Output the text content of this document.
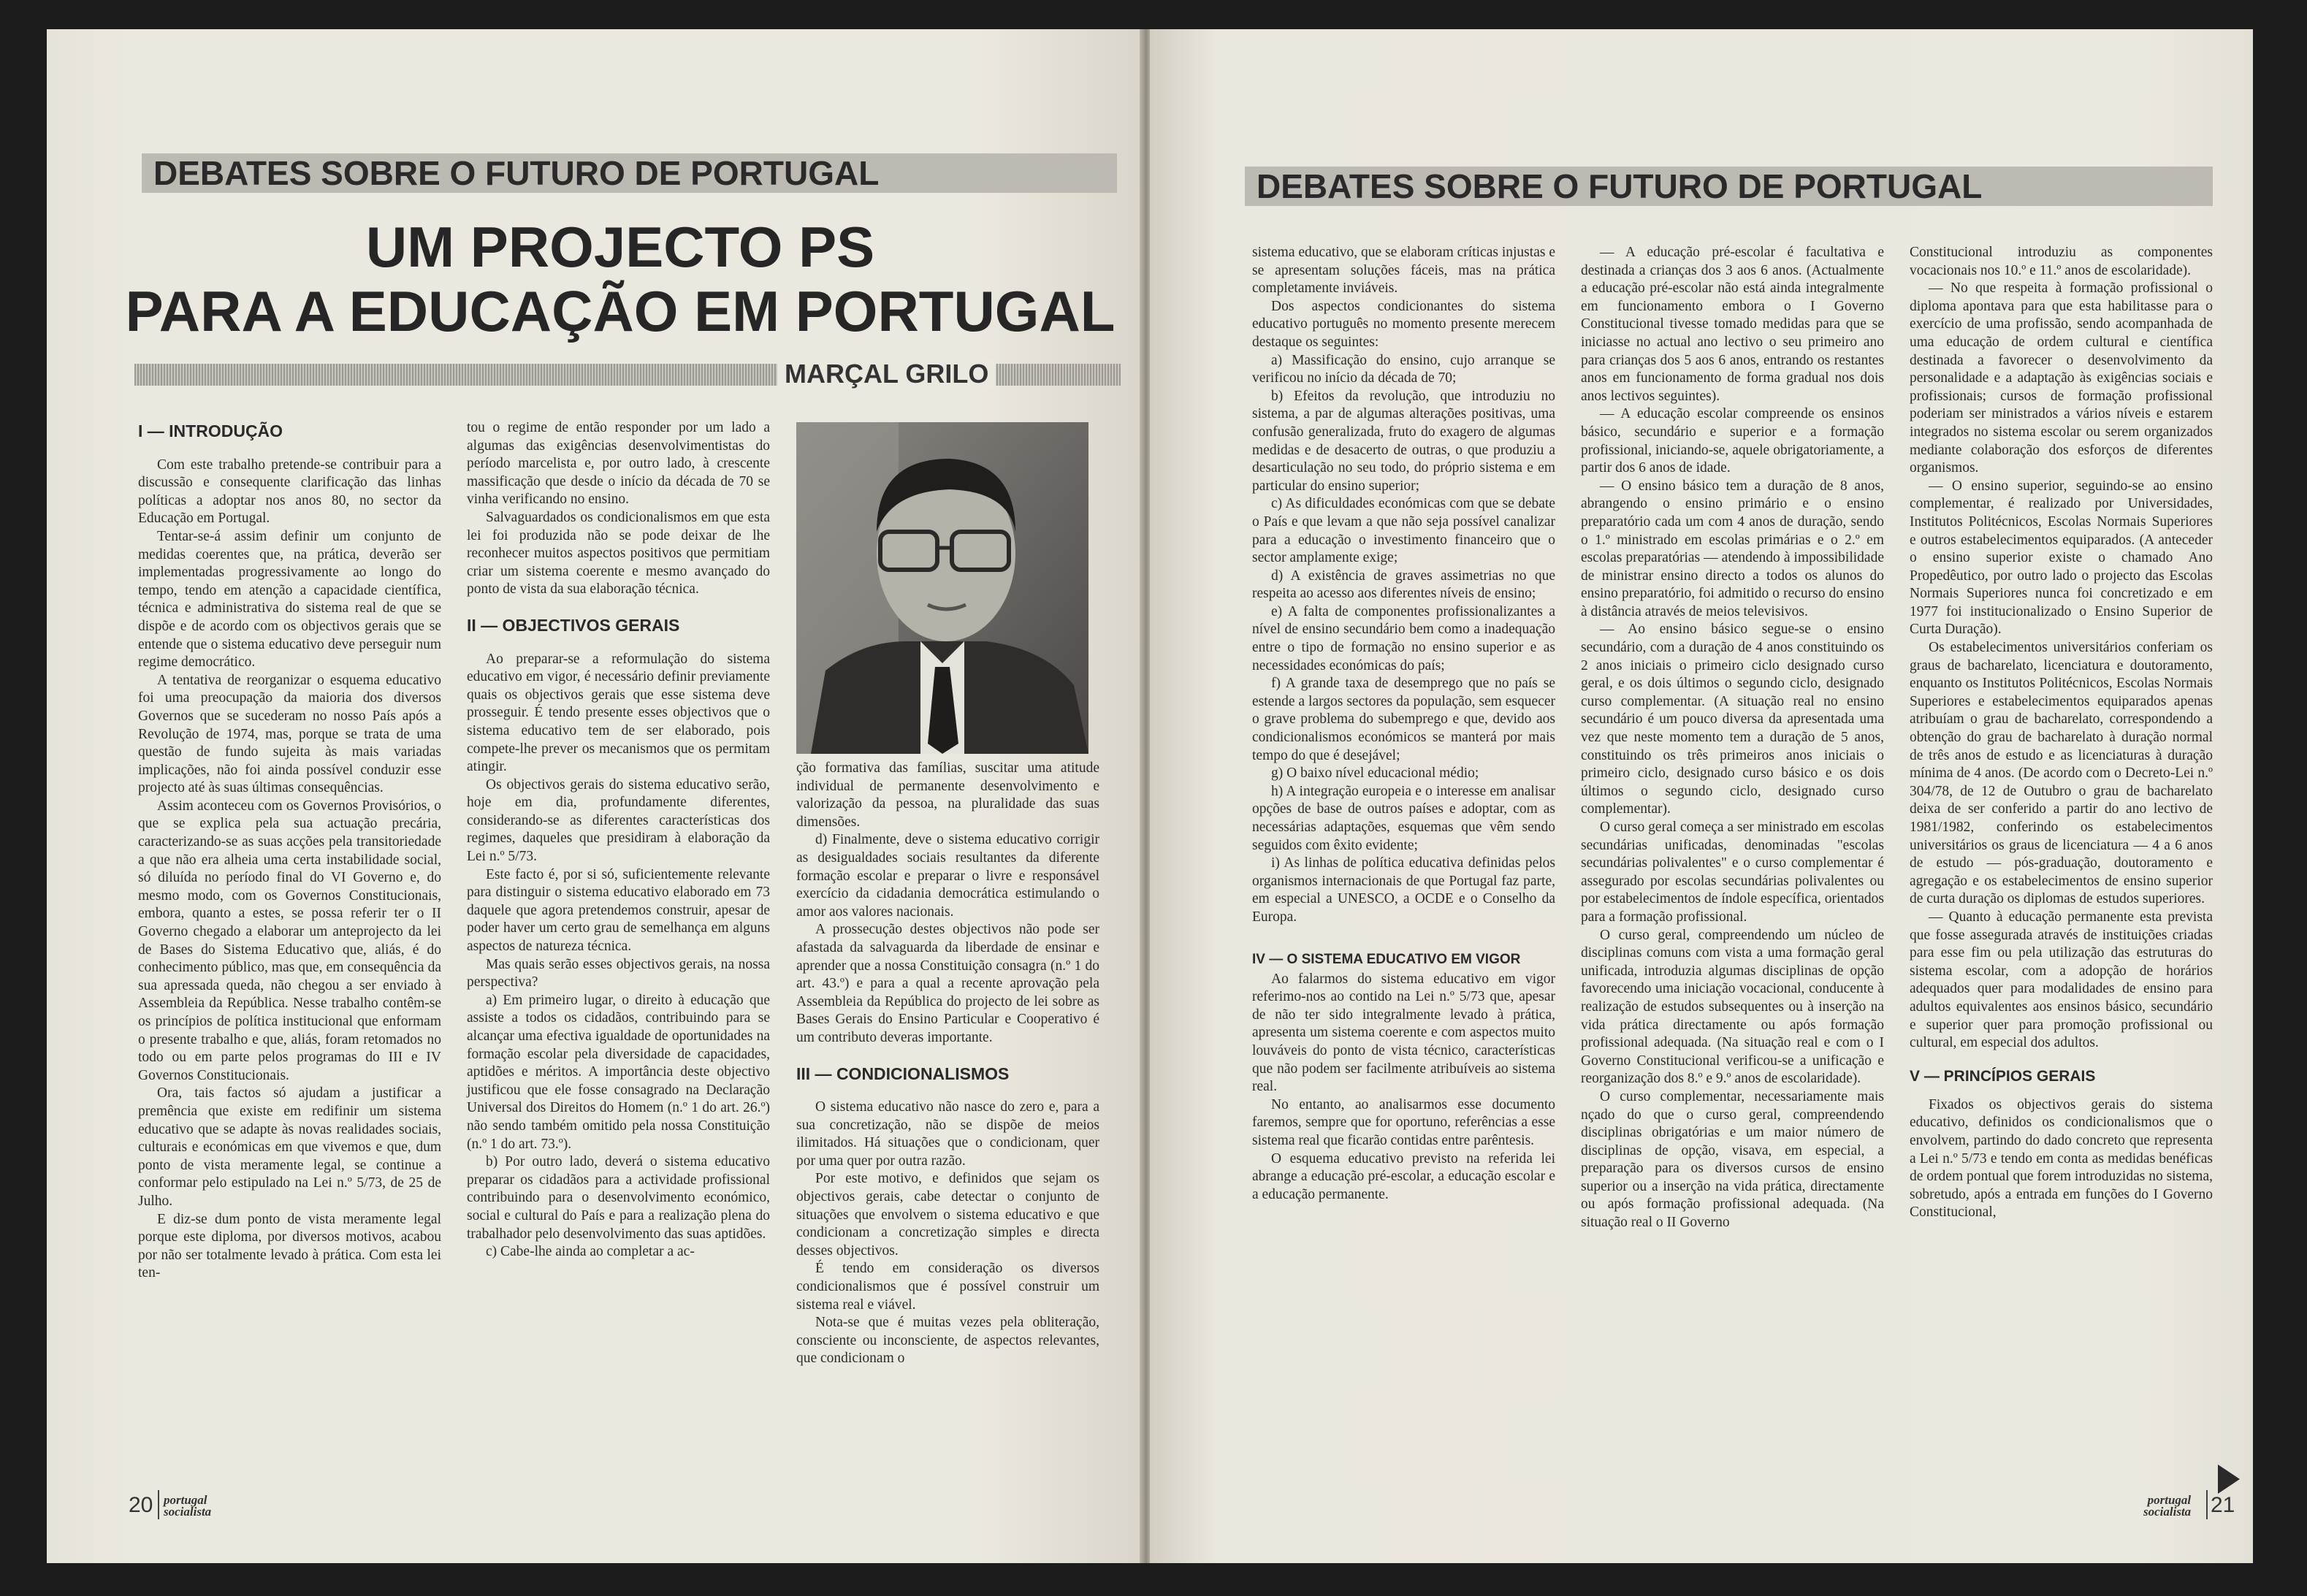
DEBATES SOBRE O FUTURO DE PORTUGAL
UM PROJECTO PS
PARA A EDUCAÇÃO EM PORTUGAL
MARÇAL GRILO
I — INTRODUÇÃO

Com este trabalho pretende-se contribuir para a discussão e consequente clarificação das linhas políticas a adoptar nos anos 80, no sector da Educação em Portugal.

Tentar-se-á assim definir um conjunto de medidas coerentes que, na prática, deverão ser implementadas progressivamente ao longo do tempo, tendo em atenção a capacidade científica, técnica e administrativa do sistema real de que se dispõe e de acordo com os objectivos gerais que se entende que o sistema educativo deve perseguir num regime democrático.

A tentativa de reorganizar o esquema educativo foi uma preocupação da maioria dos diversos Governos que se sucederam no nosso País após a Revolução de 1974, mas, porque se trata de uma questão de fundo sujeita às mais variadas implicações, não foi ainda possível conduzir esse projecto até às suas últimas consequências.

Assim aconteceu com os Governos Provisórios, o que se explica pela sua actuação precária, caracterizando-se as suas acções pela transitoriedade a que não era alheia uma certa instabilidade social, só diluída no período final do VI Governo e, do mesmo modo, com os Governos Constitucionais, embora, quanto a estes, se possa referir ter o II Governo chegado a elaborar um anteprojecto da lei de Bases do Sistema Educativo que, aliás, é do conhecimento público, mas que, em consequência da sua apressada queda, não chegou a ser enviado à Assembleia da República. Nesse trabalho contêm-se os princípios de política institucional que enformam o presente trabalho e que, aliás, foram retomados no todo ou em parte pelos programas do III e IV Governos Constitucionais.

Ora, tais factos só ajudam a justificar a premência que existe em redifinir um sistema educativo que se adapte às novas realidades sociais, culturais e económicas em que vivemos e que, dum ponto de vista meramente legal, se continue a conformar pelo estipulado na Lei n.º 5/73, de 25 de Julho.

E diz-se dum ponto de vista meramente legal porque este diploma, por diversos motivos, acabou por não ser totalmente levado à prática. Com esta lei ten-

tou o regime de então responder por um lado a algumas das exigências desenvolvimentistas do período marcelista e, por outro lado, à crescente massificação que desde o início da década de 70 se vinha verificando no ensino.

Salvaguardados os condicionalismos em que esta lei foi produzida não se pode deixar de lhe reconhecer muitos aspectos positivos que permitiam criar um sistema coerente e mesmo avançado do ponto de vista da sua elaboração técnica.

II — OBJECTIVOS GERAIS

Ao preparar-se a reformulação do sistema educativo em vigor, é necessário definir previamente quais os objectivos gerais que esse sistema deve prosseguir. É tendo presente esses objectivos que o sistema educativo tem de ser elaborado, pois compete-lhe prever os mecanismos que os permitam atingir.

Os objectivos gerais do sistema educativo serão, hoje em dia, profundamente diferentes, considerando-se as diferentes características dos regimes, daqueles que presidiram à elaboração da Lei n.º 5/73.

Este facto é, por si só, suficientemente relevante para distinguir o sistema educativo elaborado em 73 daquele que agora pretendemos construir, apesar de poder haver um certo grau de semelhança em alguns aspectos de natureza técnica.

Mas quais serão esses objectivos gerais, na nossa perspectiva?

a) Em primeiro lugar, o direito à educação que assiste a todos os cidadãos, contribuindo para se alcançar uma efectiva igualdade de oportunidades na formação escolar pela diversidade de capacidades, aptidões e méritos. A importância deste objectivo justificou que ele fosse consagrado na Declaração Universal dos Direitos do Homem (n.º 1 do art. 26.º) não sendo também omitido pela nossa Constituição (n.º 1 do art. 73.º).

b) Por outro lado, deverá o sistema educativo preparar os cidadãos para a actividade profissional contribuindo para o desenvolvimento económico, social e cultural do País e para a realização plena do trabalhador pelo desenvolvimento das suas aptidões.

c) Cabe-lhe ainda ao completar a ac-

ção formativa das famílias, suscitar uma atitude individual de permanente desenvolvimento e valorização da pessoa, na pluralidade das suas dimensões.

d) Finalmente, deve o sistema educativo corrigir as desigualdades sociais resultantes da diferente formação escolar e preparar o livre e responsável exercício da cidadania democrática estimulando o amor aos valores nacionais.

A prossecução destes objectivos não pode ser afastada da salvaguarda da liberdade de ensinar e aprender que a nossa Constituição consagra (n.º 1 do art. 43.º) e para a qual a recente aprovação pela Assembleia da República do projecto de lei sobre as Bases Gerais do Ensino Particular e Cooperativo é um contributo deveras importante.

III — CONDICIONALISMOS

O sistema educativo não nasce do zero e, para a sua concretização, não se dispõe de meios ilimitados. Há situações que o condicionam, quer por uma quer por outra razão.

Por este motivo, e definidos que sejam os objectivos gerais, cabe detectar o conjunto de situações que envolvem o sistema educativo e que condicionam a concretização simples e directa desses objectivos.

É tendo em consideração os diversos condicionalismos que é possível construir um sistema real e viável.

Nota-se que é muitas vezes pela obliteração, consciente ou inconsciente, de aspectos relevantes, que condicionam o

20 portugal
socialista
DEBATES SOBRE O FUTURO DE PORTUGAL

sistema educativo, que se elaboram críticas injustas e se apresentam soluções fáceis, mas na prática completamente inviáveis.

Dos aspectos condicionantes do sistema educativo português no momento presente merecem destaque os seguintes:

a) Massificação do ensino, cujo arranque se verificou no início da década de 70;

b) Efeitos da revolução, que introduziu no sistema, a par de algumas alterações positivas, uma confusão generalizada, fruto do exagero de algumas medidas e de desacerto de outras, o que produziu a desarticulação no seu todo, do próprio sistema e em particular do ensino superior;

c) As dificuldades económicas com que se debate o País e que levam a que não seja possível canalizar para a educação o investimento financeiro que o sector amplamente exige;

d) A existência de graves assimetrias no que respeita ao acesso aos diferentes níveis de ensino;

e) A falta de componentes profissionalizantes a nível de ensino secundário bem como a inadequação entre o tipo de formação no ensino superior e as necessidades económicas do país;

f) A grande taxa de desemprego que no país se estende a largos sectores da população, sem esquecer o grave problema do subemprego e que, devido aos condicionalismos económicos se manterá por mais tempo do que é desejável;

g) O baixo nível educacional médio;

h) A integração europeia e o interesse em analisar opções de base de outros países e adoptar, com as necessárias adaptações, esquemas que vêm sendo seguidos com êxito evidente;

i) As linhas de política educativa definidas pelos organismos internacionais de que Portugal faz parte, em especial a UNESCO, a OCDE e o Conselho da Europa.

IV — O SISTEMA EDUCATIVO EM VIGOR

Ao falarmos do sistema educativo em vigor referimo-nos ao contido na Lei n.º 5/73 que, apesar de não ter sido integralmente levado à prática, apresenta um sistema coerente e com aspectos muito louváveis do ponto de vista técnico, características que não podem ser facilmente atribuíveis ao sistema real.

No entanto, ao analisarmos esse documento faremos, sempre que for oportuno, referências a esse sistema real que ficarão contidas entre parêntesis.

O esquema educativo previsto na referida lei abrange a educação pré-escolar, a educação escolar e a educação permanente.

— A educação pré-escolar é facultativa e destinada a crianças dos 3 aos 6 anos. (Actualmente a educação pré-escolar não está ainda integralmente em funcionamento embora o I Governo Constitucional tivesse tomado medidas para que se iniciasse no actual ano lectivo o seu primeiro ano para crianças dos 5 aos 6 anos, entrando os restantes anos em funcionamento de forma gradual nos dois anos lectivos seguintes).

— A educação escolar compreende os ensinos básico, secundário e superior e a formação profissional, iniciando-se, aquele obrigatoriamente, a partir dos 6 anos de idade.

— O ensino básico tem a duração de 8 anos, abrangendo o ensino primário e o ensino preparatório cada um com 4 anos de duração, sendo o 1.º ministrado em escolas primárias e o 2.º em escolas preparatórias — atendendo à impossibilidade de ministrar ensino directo a todos os alunos do ensino preparatório, foi admitido o recurso do ensino à distância através de meios televisivos.

— Ao ensino básico segue-se o ensino secundário, com a duração de 4 anos constituindo os 2 anos iniciais o primeiro ciclo designado curso geral, e os dois últimos o segundo ciclo, designado curso complementar. (A situação real no ensino secundário é um pouco diversa da apresentada uma vez que neste momento tem a duração de 5 anos, constituindo os três primeiros anos iniciais o primeiro ciclo, designado curso básico e os dois últimos o segundo ciclo, designado curso complementar).

O curso geral começa a ser ministrado em escolas secundárias unificadas, denominadas "escolas secundárias polivalentes" e o curso complementar é assegurado por escolas secundárias polivalentes ou por estabelecimentos de índole específica, orientados para a formação profissional.

O curso geral, compreendendo um núcleo de disciplinas comuns com vista a uma formação geral unificada, introduzia algumas disciplinas de opção favorecendo uma iniciação vocacional, conducente à realização de estudos subsequentes ou à inserção na vida prática directamente ou após formação profissional adequada. (Na situação real e com o I Governo Constitucional verificou-se a unificação e reorganização dos 8.º e 9.º anos de escolaridade).

O curso complementar, necessariamente mais nçado do que o curso geral, compreendendo disciplinas obrigatórias e um maior número de disciplinas de opção, visava, em especial, a preparação para os diversos cursos de ensino superior ou a inserção na vida prática, directamente ou após formação profissional adequada. (Na situação real o II Governo

Constitucional introduziu as componentes vocacionais nos 10.º e 11.º anos de escolaridade).

— No que respeita à formação profissional o diploma apontava para que esta habilitasse para o exercício de uma profissão, sendo acompanhada de uma educação de ordem cultural e científica destinada a favorecer o desenvolvimento da personalidade e a adaptação às exigências sociais e profissionais; cursos de formação profissional poderiam ser ministrados a vários níveis e estarem integrados no sistema escolar ou serem organizados mediante colaboração dos esforços de diferentes organismos.

— O ensino superior, seguindo-se ao ensino complementar, é realizado por Universidades, Institutos Politécnicos, Escolas Normais Superiores e outros estabelecimentos equiparados. (A anteceder o ensino superior existe o chamado Ano Propedêutico, por outro lado o projecto das Escolas Normais Superiores nunca foi concretizado e em 1977 foi institucionalizado o Ensino Superior de Curta Duração).

Os estabelecimentos universitários conferiam os graus de bacharelato, licenciatura e doutoramento, enquanto os Institutos Politécnicos, Escolas Normais Superiores e estabelecimentos equiparados apenas atribuíam o grau de bacharelato, correspondendo a obtenção do grau de bacharelato à duração normal de três anos de estudo e as licenciaturas à duração mínima de 4 anos. (De acordo com o Decreto-Lei n.º 304/78, de 12 de Outubro o grau de bacharelato deixa de ser conferido a partir do ano lectivo de 1981/1982, conferindo os estabelecimentos universitários os graus de licenciatura — 4 a 6 anos de estudo — pós-graduação, doutoramento e agregação e os estabelecimentos de ensino superior de curta duração os diplomas de estudos superiores.

— Quanto à educação permanente esta prevista que fosse assegurada através de instituições criadas para esse fim ou pela utilização das estruturas do sistema escolar, com a adopção de horários adequados quer para modalidades de ensino para adultos equivalentes aos ensinos básico, secundário e superior quer para promoção profissional ou cultural, em especial dos adultos.

V — PRINCÍPIOS GERAIS

Fixados os objectivos gerais do sistema educativo, definidos os condicionalismos que o envolvem, partindo do dado concreto que representa a Lei n.º 5/73 e tendo em conta as medidas benéficas de ordem pontual que forem introduzidas no sistema, sobretudo, após a entrada em funções do I Governo Constitucional,

portugal
socialista 21
